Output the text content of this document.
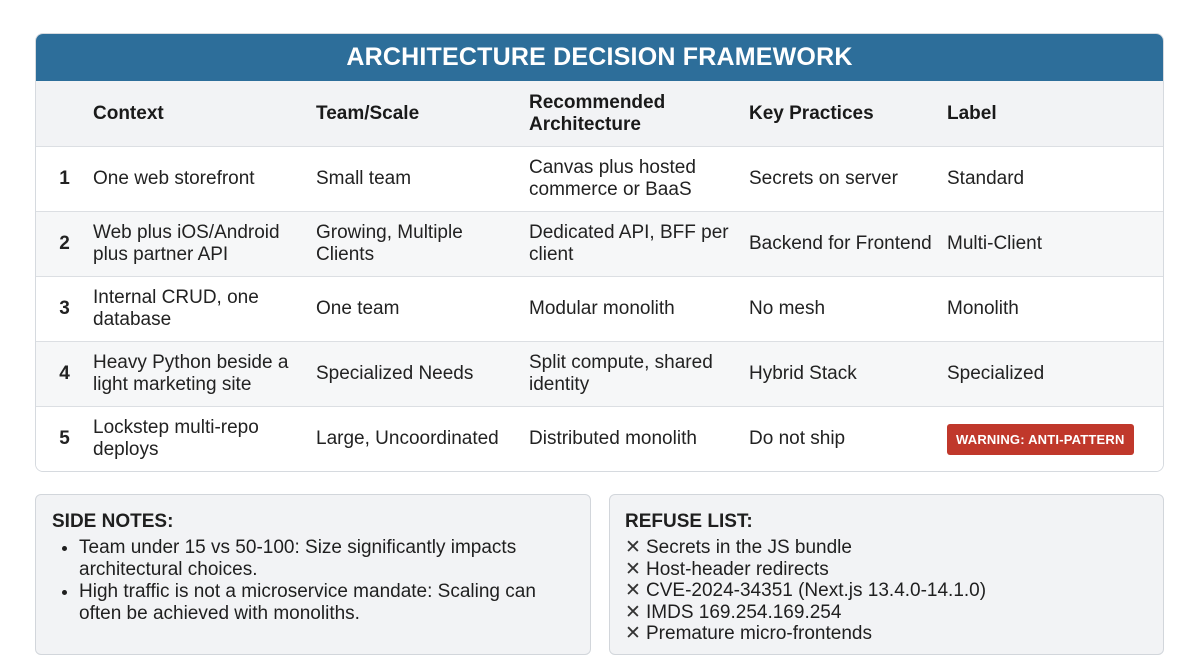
ARCHITECTURE DECISION FRAMEWORK
	Context	Team/Scale	Recommended Architecture	Key Practices	Label
1	One web storefront	Small team	Canvas plus hosted commerce or BaaS	Secrets on server	Standard
2	Web plus iOS/Android plus partner API	Growing, Multiple Clients	Dedicated API, BFF per client	Backend for Frontend	Multi-Client
3	Internal CRUD, one database	One team	Modular monolith	No mesh	Monolith
4	Heavy Python beside a light marketing site	Specialized Needs	Split compute, shared identity	Hybrid Stack	Specialized
5	Lockstep multi-repo deploys	Large, Uncoordinated	Distributed monolith	Do not ship	WARNING: ANTI-PATTERN
SIDE NOTES:
• Team under 15 vs 50-100: Size significantly impacts architectural choices.
• High traffic is not a microservice mandate: Scaling can often be achieved with monoliths.
REFUSE LIST:
✕ Secrets in the JS bundle
✕ Host-header redirects
✕ CVE-2024-34351 (Next.js 13.4.0-14.1.0)
✕ IMDS 169.254.169.254
✕ Premature micro-frontends
